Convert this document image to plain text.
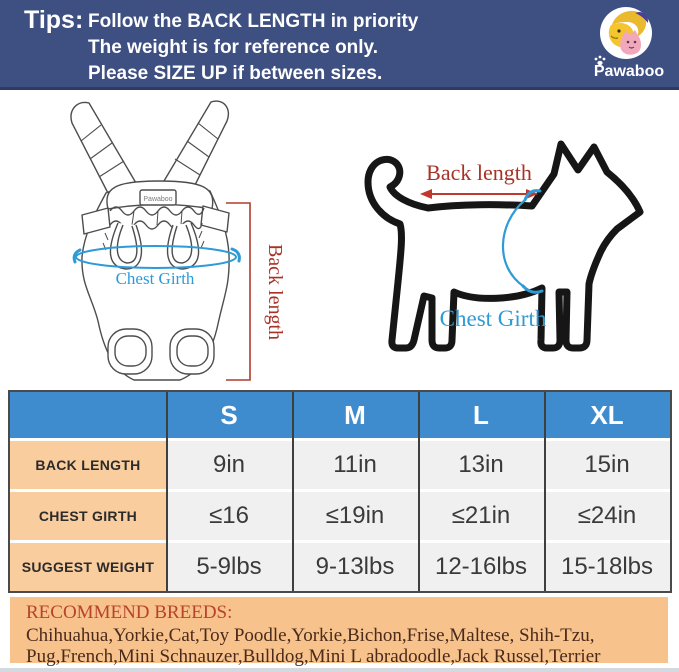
Tips: Follow the BACK LENGTH in priority
The weight is for reference only.
Please SIZE UP if between sizes.	Pawaboo
Pawaboo
Chest Girth	Back length
Back length
Chest Girth
S	M	L	XL
BACK LENGTH	9in	11in	13in	15in
CHEST GIRTH	≤16	≤19in	≤21in	≤24in
SUGGEST WEIGHT	5-9lbs	9-13lbs	12-16lbs	15-18lbs
RECOMMEND BREEDS:
Chihuahua,Yorkie,Cat,Toy Poodle,Yorkie,Bichon,Frise,Maltese, Shih-Tzu,
Pug,French,Mini Schnauzer,Bulldog,Mini L abradoodle,Jack Russel,Terrier
